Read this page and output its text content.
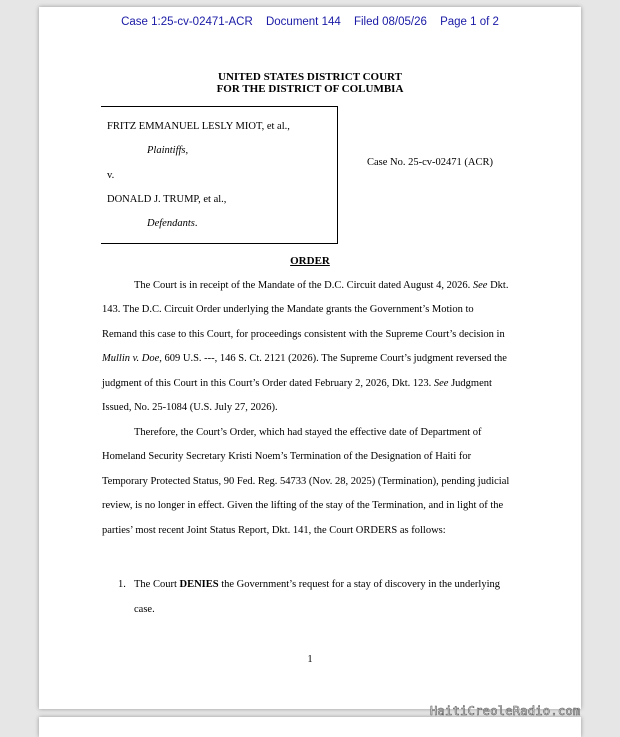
Case 1:25-cv-02471-ACR Document 144 Filed 08/05/26 Page 1 of 2
UNITED STATES DISTRICT COURT
FOR THE DISTRICT OF COLUMBIA
FRITZ EMMANUEL LESLY MIOT, et al.,
Plaintiffs,
v.
DONALD J. TRUMP, et al.,
Defendants.
Case No. 25-cv-02471 (ACR)
ORDER
The Court is in receipt of the Mandate of the D.C. Circuit dated August 4, 2026. See Dkt.
143. The D.C. Circuit Order underlying the Mandate grants the Government’s Motion to
Remand this case to this Court, for proceedings consistent with the Supreme Court’s decision in
Mullin v. Doe, 609 U.S. ---, 146 S. Ct. 2121 (2026). The Supreme Court’s judgment reversed the
judgment of this Court in this Court’s Order dated February 2, 2026, Dkt. 123. See Judgment
Issued, No. 25-1084 (U.S. July 27, 2026).
Therefore, the Court’s Order, which had stayed the effective date of Department of
Homeland Security Secretary Kristi Noem’s Termination of the Designation of Haiti for
Temporary Protected Status, 90 Fed. Reg. 54733 (Nov. 28, 2025) (Termination), pending judicial
review, is no longer in effect. Given the lifting of the stay of the Termination, and in light of the
parties’ most recent Joint Status Report, Dkt. 141, the Court ORDERS as follows:
1. The Court DENIES the Government’s request for a stay of discovery in the underlying
case.
1
HaitiCreoleRadio.com
